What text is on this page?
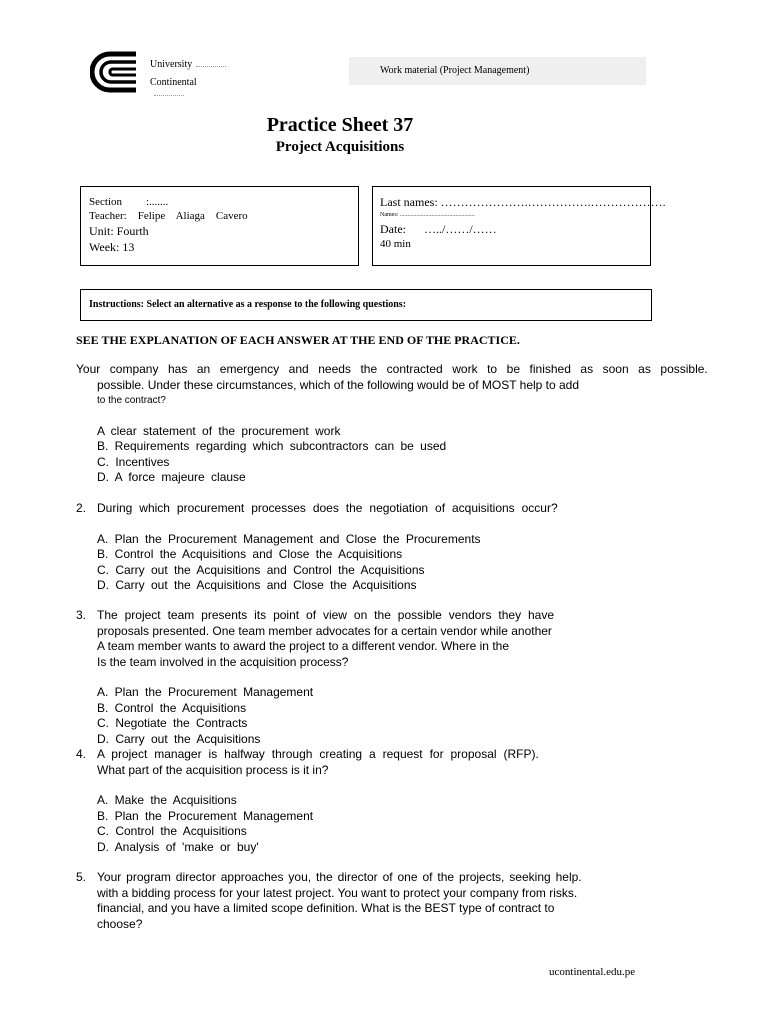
University
Continental
Work material (Project Management)
Practice Sheet 37
Project Acquisitions
Section :.......
Teacher: Felipe    Aliaga    Cavero
Unit: Fourth
Week: 13
Last names: ………………….…………….……………….
Names: ..................................................
Date: …../……/……
40 min
Instructions: Select an alternative as a response to the following questions:
SEE THE EXPLANATION OF EACH ANSWER AT THE END OF THE PRACTICE.
Your company has an emergency and needs the contracted work to be finished as soon as possible.
possible. Under these circumstances, which of the following would be of MOST help to add
to the contract?
A clear statement of the procurement work
B. Requirements regarding which subcontractors can be used
C. Incentives
D. A force majeure clause
2. During which procurement processes does the negotiation of acquisitions occur?
A. Plan the Procurement Management and Close the Procurements
B. Control the Acquisitions and Close the Acquisitions
C. Carry out the Acquisitions and Control the Acquisitions
D. Carry out the Acquisitions and Close the Acquisitions
3. The project team presents its point of view on the possible vendors they have
proposals presented. One team member advocates for a certain vendor while another
A team member wants to award the project to a different vendor. Where in the
Is the team involved in the acquisition process?
A. Plan the Procurement Management
B. Control the Acquisitions
C. Negotiate the Contracts
D. Carry out the Acquisitions
4. A project manager is halfway through creating a request for proposal (RFP).
What part of the acquisition process is it in?
A. Make the Acquisitions
B. Plan the Procurement Management
C. Control the Acquisitions
D. Analysis of 'make or buy'
5. Your program director approaches you, the director of one of the projects, seeking help.
with a bidding process for your latest project. You want to protect your company from risks.
financial, and you have a limited scope definition. What is the BEST type of contract to
choose?
ucontinental.edu.pe
